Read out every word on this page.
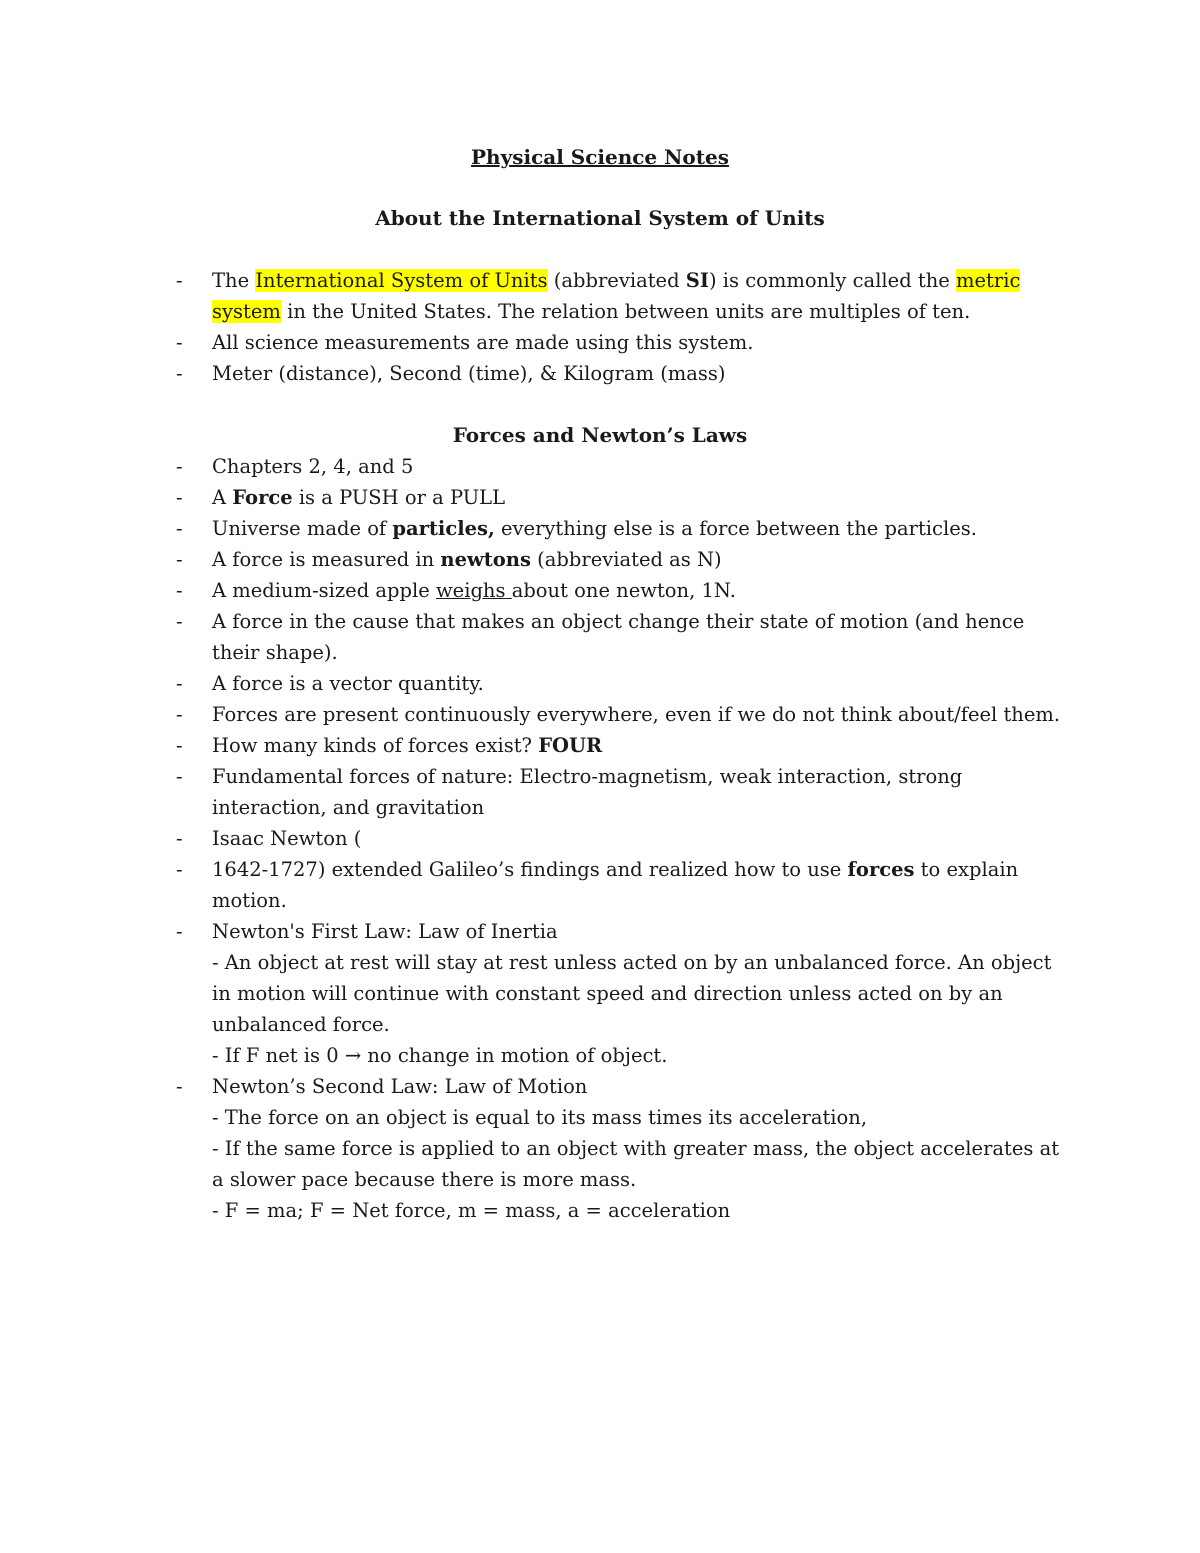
Physical Science Notes
About the International System of Units
- The International System of Units (abbreviated SI) is commonly called the metric system in the United States. The relation between units are multiples of ten.
- All science measurements are made using this system.
- Meter (distance), Second (time), & Kilogram (mass)
Forces and Newton’s Laws
- Chapters 2, 4, and 5
- A Force is a PUSH or a PULL
- Universe made of particles, everything else is a force between the particles.
- A force is measured in newtons (abbreviated as N)
- A medium-sized apple weighs about one newton, 1N.
- A force in the cause that makes an object change their state of motion (and hence their shape).
- A force is a vector quantity.
- Forces are present continuously everywhere, even if we do not think about/feel them.
- How many kinds of forces exist? FOUR
- Fundamental forces of nature: Electro-magnetism, weak interaction, strong interaction, and gravitation
- Isaac Newton (
- 1642-1727) extended Galileo’s findings and realized how to use forces to explain motion.
- Newton's First Law: Law of Inertia
- An object at rest will stay at rest unless acted on by an unbalanced force. An object in motion will continue with constant speed and direction unless acted on by an unbalanced force.
- If F net is 0 → no change in motion of object.
- Newton’s Second Law: Law of Motion
- The force on an object is equal to its mass times its acceleration,
- If the same force is applied to an object with greater mass, the object accelerates at a slower pace because there is more mass.
- F = ma; F = Net force, m = mass, a = acceleration
